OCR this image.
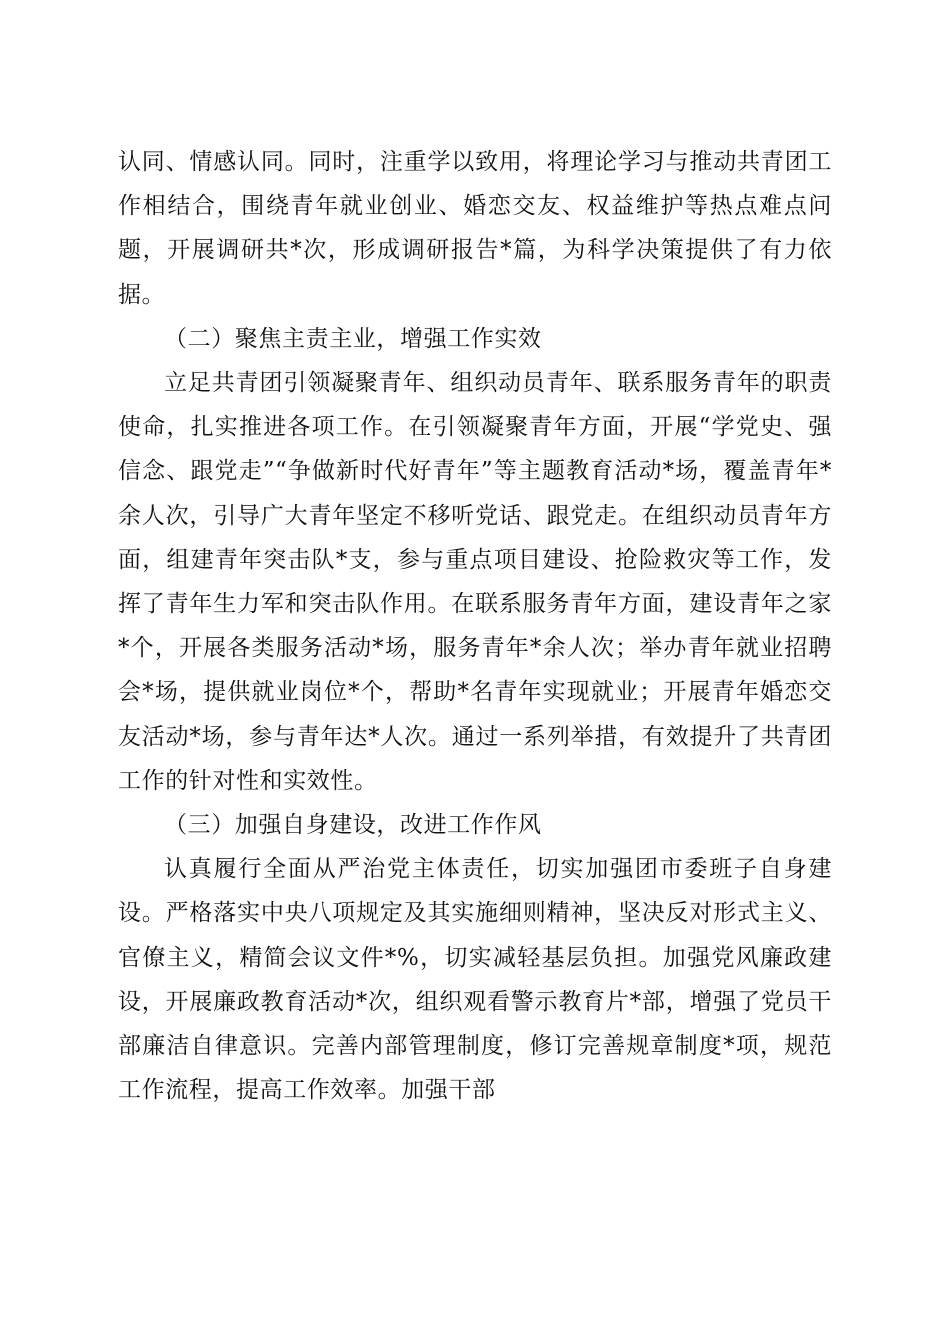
认同、情感认同。同时，注重学以致用，将理论学习与推动共青团工作相结合，围绕青年就业创业、婚恋交友、权益维护等热点难点问题，开展调研共*次，形成调研报告*篇，为科学决策提供了有力依据。

（二）聚焦主责主业，增强工作实效

立足共青团引领凝聚青年、组织动员青年、联系服务青年的职责使命，扎实推进各项工作。在引领凝聚青年方面，开展“学党史、强信念、跟党走”“争做新时代好青年”等主题教育活动*场，覆盖青年*余人次，引导广大青年坚定不移听党话、跟党走。在组织动员青年方面，组建青年突击队*支，参与重点项目建设、抢险救灾等工作，发挥了青年生力军和突击队作用。在联系服务青年方面，建设青年之家*个，开展各类服务活动*场，服务青年*余人次；举办青年就业招聘会*场，提供就业岗位*个，帮助*名青年实现就业；开展青年婚恋交友活动*场，参与青年达*人次。通过一系列举措，有效提升了共青团工作的针对性和实效性。

（三）加强自身建设，改进工作作风

认真履行全面从严治党主体责任，切实加强团市委班子自身建设。严格落实中央八项规定及其实施细则精神，坚决反对形式主义、官僚主义，精简会议文件*%，切实减轻基层负担。加强党风廉政建设，开展廉政教育活动*次，组织观看警示教育片*部，增强了党员干部廉洁自律意识。完善内部管理制度，修订完善规章制度*项，规范工作流程，提高工作效率。加强干部
